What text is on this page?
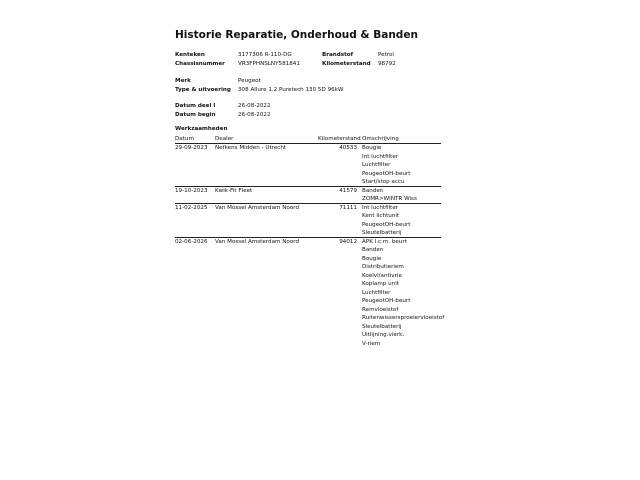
Historie Reparatie, Onderhoud & Banden
Kenteken	3177306 R-110-DG	Brandstof	Petrol
Chassisnummer VR3FPHNSLNY581841	Kilometerstand 98792
Merk	Peugeot
Type & uitvoering 308 Allure 1.2 Puretech 130 5D 96kW
Datum deel I	26-08-2022
Datum begin	26-08-2022
Werkzaamheden
Datum	Dealer	Kilometerstand Omschrijving
29-09-2023 Nefkens Midden - Utrecht	40533 Bougie
Int luchtfilter
Luchtfilter
PeugeotOH-beurt
Start/stop accu
19-10-2023 Kwik-Fit Fleet	41579 Banden
ZOMR>WINTR Wiss
11-02-2025 Van Mossel Amsterdam Noord	71111 Int luchtfilter
Kent lichtunit
PeugeotOH-beurt
Sleutelbatterij
02-06-2026 Van Mossel Amsterdam Noord	94012 APK l.c.m. beurt
Banden
Bougie
Distributieriem
Koelvl/antivrie
Koplamp unit
Luchtfilter
PeugeotOH-beurt
Remvloeistof
Ruitenwissersproeiervloeistof
Sleutelbatterij
Uitlijning.vierk.
V-riem
